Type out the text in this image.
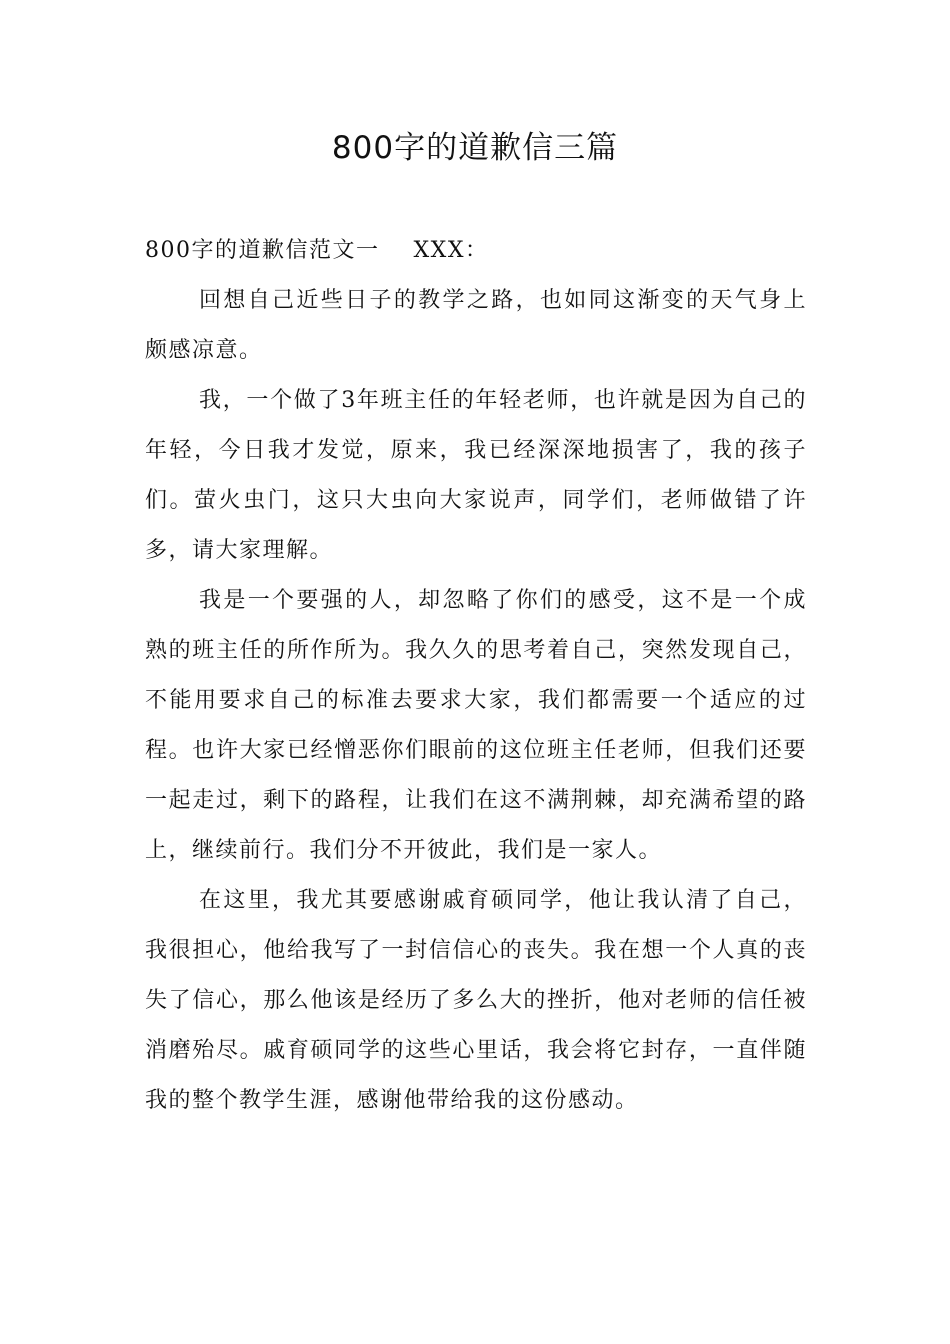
800字的道歉信三篇
800字的道歉信范文一 XXX：

回想自己近些日子的教学之路，也如同这渐变的天气身上颇感凉意。

我，一个做了3年班主任的年轻老师，也许就是因为自己的年轻，今日我才发觉，原来，我已经深深地损害了，我的孩子们。萤火虫门，这只大虫向大家说声，同学们，老师做错了许多，请大家理解。

我是一个要强的人，却忽略了你们的感受，这不是一个成熟的班主任的所作所为。我久久的思考着自己，突然发现自己，不能用要求自己的标准去要求大家，我们都需要一个适应的过程。也许大家已经憎恶你们眼前的这位班主任老师，但我们还要一起走过，剩下的路程，让我们在这不满荆棘，却充满希望的路上，继续前行。我们分不开彼此，我们是一家人。

在这里，我尤其要感谢戚育硕同学，他让我认清了自己，我很担心，他给我写了一封信信心的丧失。我在想一个人真的丧失了信心，那么他该是经历了多么大的挫折，他对老师的信任被消磨殆尽。戚育硕同学的这些心里话，我会将它封存，一直伴随我的整个教学生涯，感谢他带给我的这份感动。
